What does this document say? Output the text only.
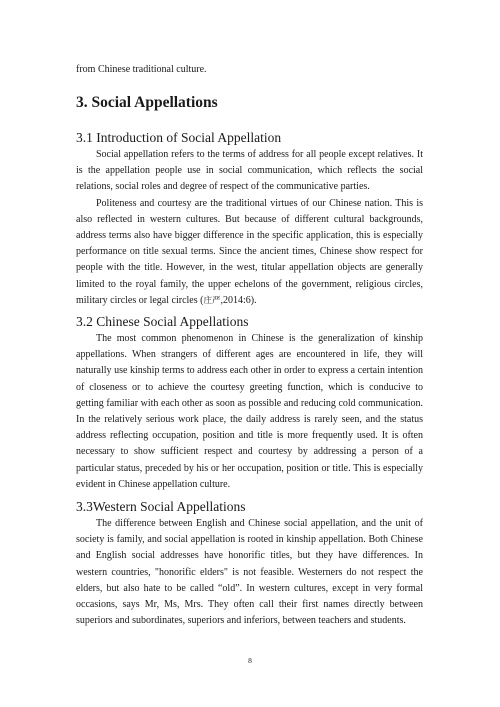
from Chinese traditional culture.

3. Social Appellations
3.1 Introduction of Social Appellation

Social appellation refers to the terms of address for all people except relatives. It is the appellation people use in social communication, which reflects the social relations, social roles and degree of respect of the communicative parties.

Politeness and courtesy are the traditional virtues of our Chinese nation. This is also reflected in western cultures. But because of different cultural backgrounds, address terms also have bigger difference in the specific application, this is especially performance on title sexual terms. Since the ancient times, Chinese show respect for people with the title. However, in the west, titular appellation objects are generally limited to the royal family, the upper echelons of the government, religious circles, military circles or legal circles (庄严,2014:6).

3.2 Chinese Social Appellations

The most common phenomenon in Chinese is the generalization of kinship appellations. When strangers of different ages are encountered in life, they will naturally use kinship terms to address each other in order to express a certain intention of closeness or to achieve the courtesy greeting function, which is conducive to getting familiar with each other as soon as possible and reducing cold communication. In the relatively serious work place, the daily address is rarely seen, and the status address reflecting occupation, position and title is more frequently used. It is often necessary to show sufficient respect and courtesy by addressing a person of a particular status, preceded by his or her occupation, position or title. This is especially evident in Chinese appellation culture.

3.3Western Social Appellations

The difference between English and Chinese social appellation, and the unit of society is family, and social appellation is rooted in kinship appellation. Both Chinese and English social addresses have honorific titles, but they have differences. In western countries, "honorific elders" is not feasible. Westerners do not respect the elders, but also hate to be called “old”. In western cultures, except in very formal occasions, says Mr, Ms, Mrs. They often call their first names directly between superiors and subordinates, superiors and inferiors, between teachers and students.

8
